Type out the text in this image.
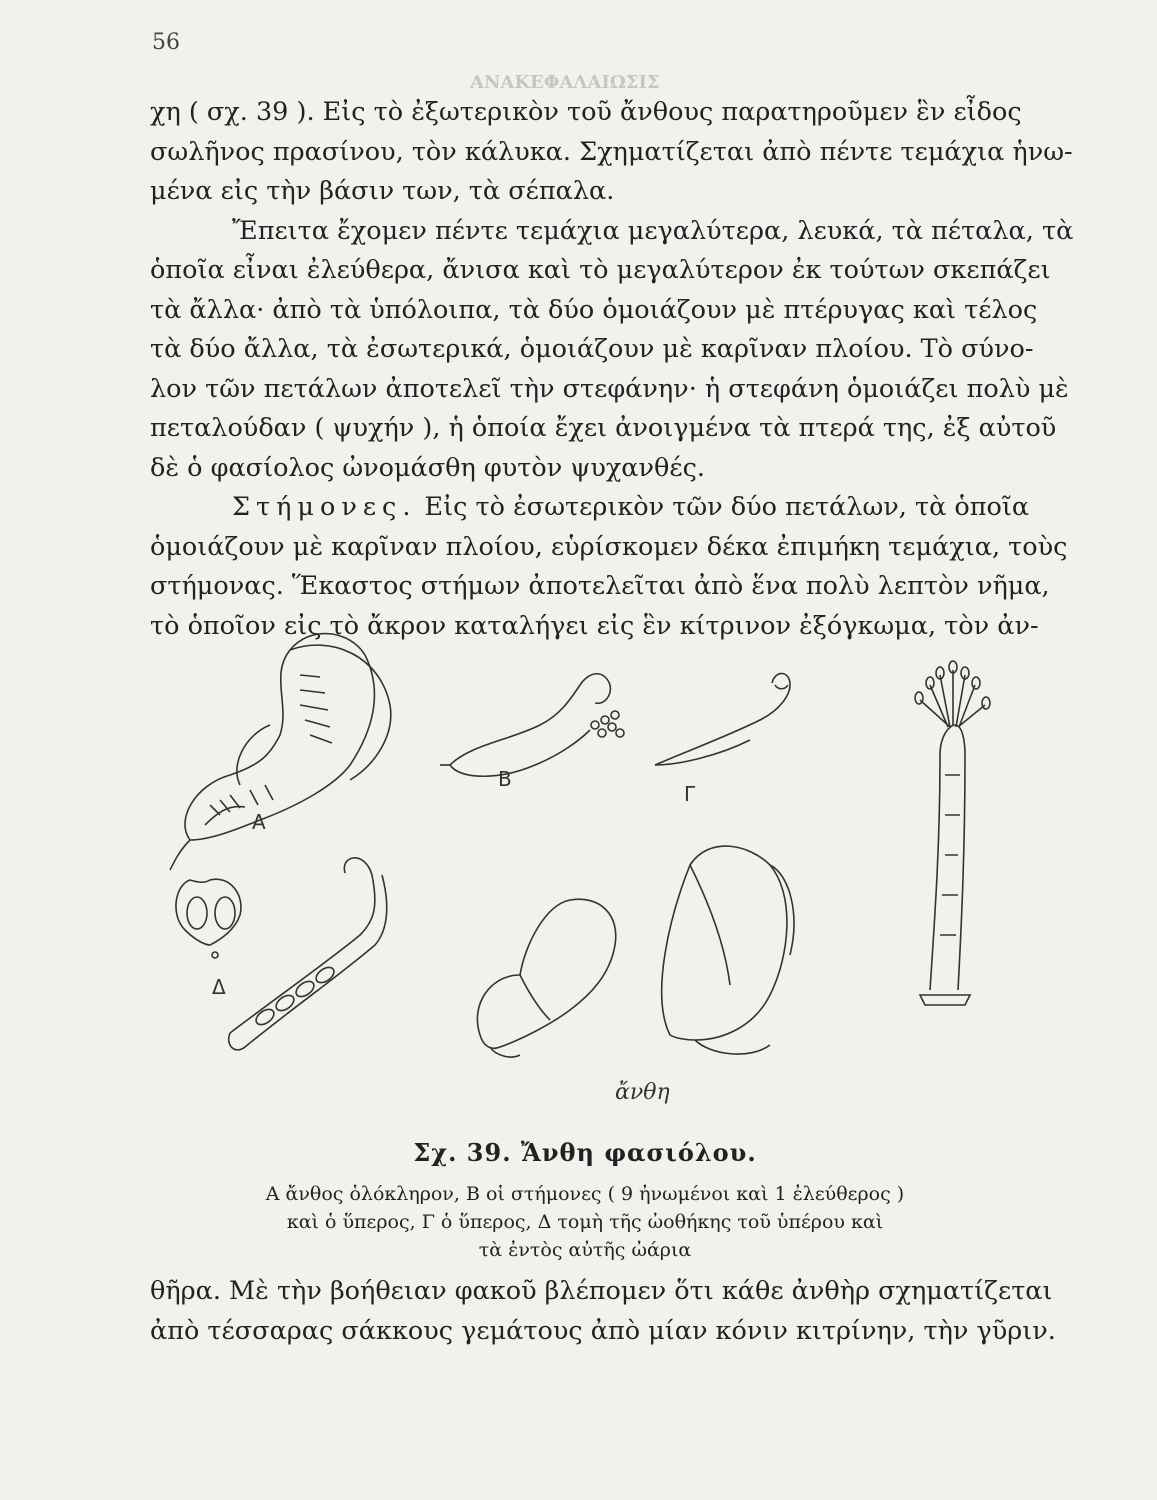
ΑΝΑΚΕΦΑΛΑΙΩΣΙΣ
56

χη ( σχ. 39 ). Εἰς τὸ ἐξωτερικὸν τοῦ ἄνθους παρατηροῦμεν ἓν εἶδος
σωλῆνος πρασίνου, τὸν κάλυκα. Σχηματίζεται ἀπὸ πέντε τεμάχια ἡνω-
μένα εἰς τὴν βάσιν των, τὰ σέπαλα.

Ἔπειτα ἔχομεν πέντε τεμάχια μεγαλύτερα, λευκά, τὰ πέταλα, τὰ
ὁποῖα εἶναι ἐλεύθερα, ἄνισα καὶ τὸ μεγαλύτερον ἐκ τούτων σκεπάζει
τὰ ἄλλα· ἀπὸ τὰ ὑπόλοιπα, τὰ δύο ὁμοιάζουν μὲ πτέρυγας καὶ τέλος
τὰ δύο ἄλλα, τὰ ἐσωτερικά, ὁμοιάζουν μὲ καρῖναν πλοίου. Τὸ σύνο-
λον τῶν πετάλων ἀποτελεῖ τὴν στεφάνην· ἡ στεφάνη ὁμοιάζει πολὺ μὲ
πεταλούδαν ( ψυχήν ), ἡ ὁποία ἔχει ἀνοιγμένα τὰ πτερά της, ἐξ αὐτοῦ
δὲ ὁ φασίολος ὠνομάσθη φυτὸν ψυχανθές.

Στήμονες. Εἰς τὸ ἐσωτερικὸν τῶν δύο πετάλων, τὰ ὁποῖα
ὁμοιάζουν μὲ καρῖναν πλοίου, εὑρίσκομεν δέκα ἐπιμήκη τεμάχια, τοὺς
στήμονας. Ἕκαστος στήμων ἀποτελεῖται ἀπὸ ἕνα πολὺ λεπτὸν νῆμα,
τὸ ὁποῖον εἰς τὸ ἄκρον καταλήγει εἰς ἓν κίτρινον ἐξόγκωμα, τὸν ἀν-

Α
Β
Γ
Δ
ἄνθη
Σχ. 39. Ἄνθη φασιόλου.
Α ἄνθος ὁλόκληρον, Β οἱ στήμονες ( 9 ἠνωμένοι καὶ 1 ἐλεύθερος )
καὶ ὁ ὕπερος, Γ ὁ ὕπερος, Δ τομὴ τῆς ὠοθήκης τοῦ ὑπέρου καὶ
τὰ ἐντὸς αὐτῆς ὠάρια

θῆρα. Μὲ τὴν βοήθειαν φακοῦ βλέπομεν ὅτι κάθε ἀνθὴρ σχηματίζεται
ἀπὸ τέσσαρας σάκκους γεμάτους ἀπὸ μίαν κόνιν κιτρίνην, τὴν γῦριν.
